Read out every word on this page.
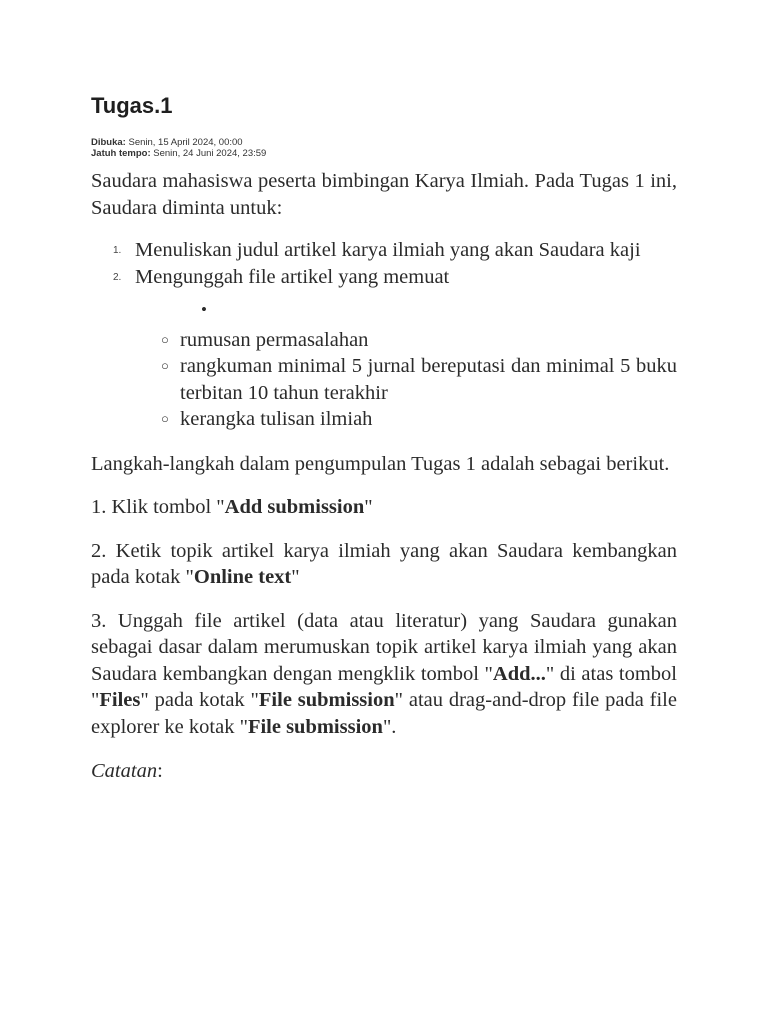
Tugas.1
Dibuka: Senin, 15 April 2024, 00:00
Jatuh tempo: Senin, 24 Juni 2024, 23:59

Saudara mahasiswa peserta bimbingan Karya Ilmiah. Pada Tugas 1 ini, Saudara diminta untuk:

1. Menuliskan judul artikel karya ilmiah yang akan Saudara kaji
2. Mengunggah file artikel yang memuat
•
○ rumusan permasalahan
○ rangkuman minimal 5 jurnal bereputasi dan minimal 5 buku terbitan 10 tahun terakhir
○ kerangka tulisan ilmiah

Langkah-langkah dalam pengumpulan Tugas 1 adalah sebagai berikut.

1. Klik tombol "Add submission"

2. Ketik topik artikel karya ilmiah yang akan Saudara kembangkan pada kotak "Online text"

3. Unggah file artikel (data atau literatur) yang Saudara gunakan sebagai dasar dalam merumuskan topik artikel karya ilmiah yang akan Saudara kembangkan dengan mengklik tombol "Add..." di atas tombol "Files" pada kotak "File submission" atau drag-and-drop file pada file explorer ke kotak "File submission".

Catatan:
